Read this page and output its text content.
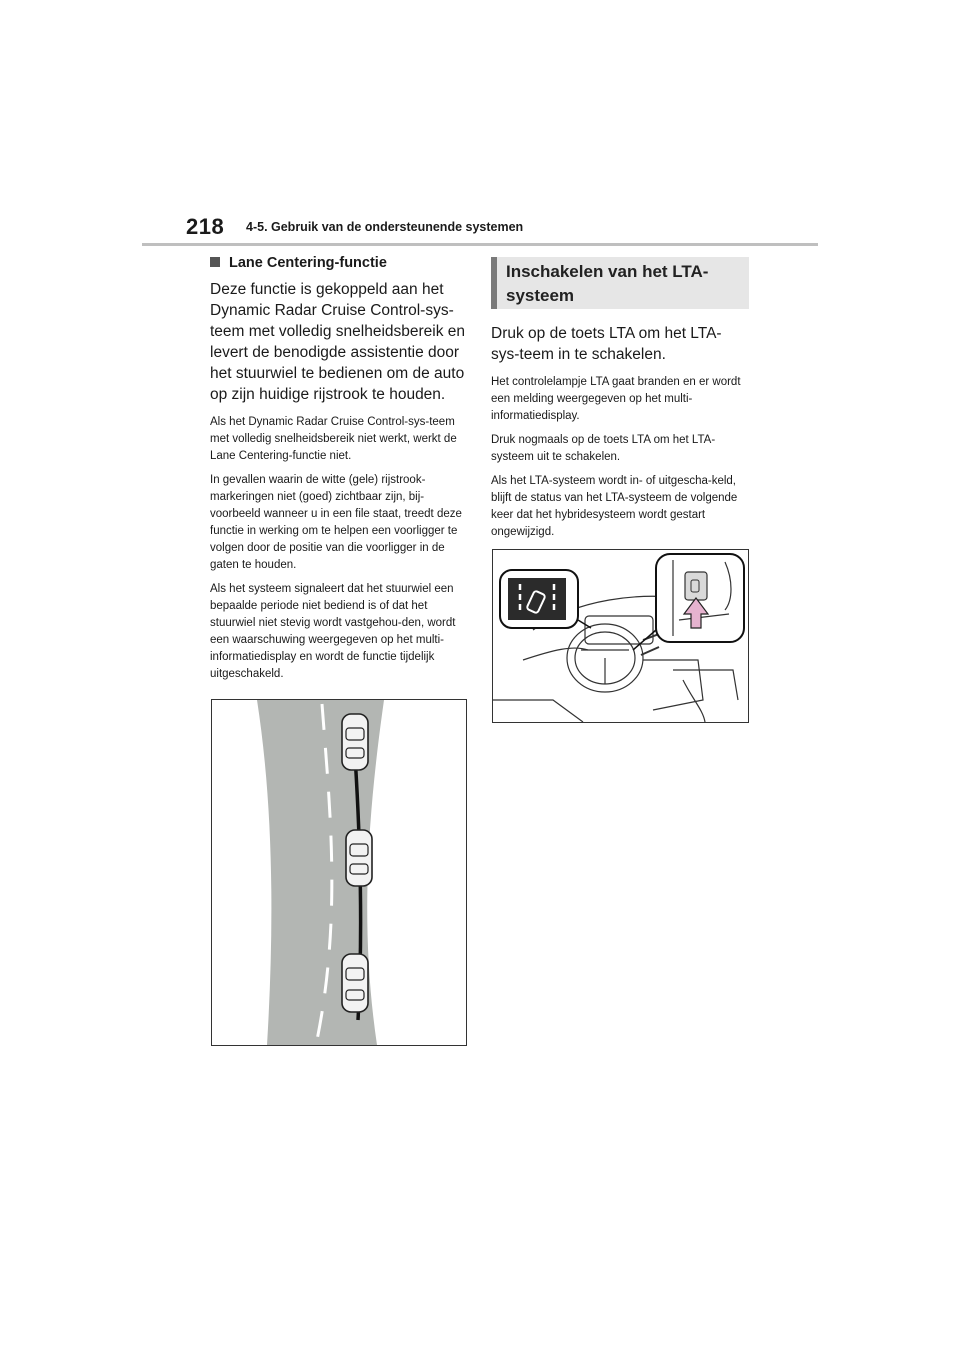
218 4-5. Gebruik van de ondersteunende systemen
Lane Centering-functie

Deze functie is gekoppeld aan het Dynamic Radar Cruise Control-sys-teem met volledig snelheidsbereik en levert de benodigde assistentie door het stuurwiel te bedienen om de auto op zijn huidige rijstrook te houden.

Als het Dynamic Radar Cruise Control-sys-teem met volledig snelheidsbereik niet werkt, werkt de Lane Centering-functie niet.

In gevallen waarin de witte (gele) rijstrook-markeringen niet (goed) zichtbaar zijn, bij-voorbeeld wanneer u in een file staat, treedt deze functie in werking om te helpen een voorligger te volgen door de positie van die voorligger in de gaten te houden.

Als het systeem signaleert dat het stuurwiel een bepaalde periode niet bediend is of dat het stuurwiel niet stevig wordt vastgehou-den, wordt een waarschuwing weergegeven op het multi-informatiedisplay en wordt de functie tijdelijk uitgeschakeld.

Inschakelen van het LTA-
systeem

Druk op de toets LTA om het LTA-sys-teem in te schakelen.

Het controlelampje LTA gaat branden en er wordt een melding weergegeven op het multi-informatiedisplay.

Druk nogmaals op de toets LTA om het LTA-systeem uit te schakelen.

Als het LTA-systeem wordt in- of uitgescha-keld, blijft de status van het LTA-systeem de volgende keer dat het hybridesysteem wordt gestart ongewijzigd.
